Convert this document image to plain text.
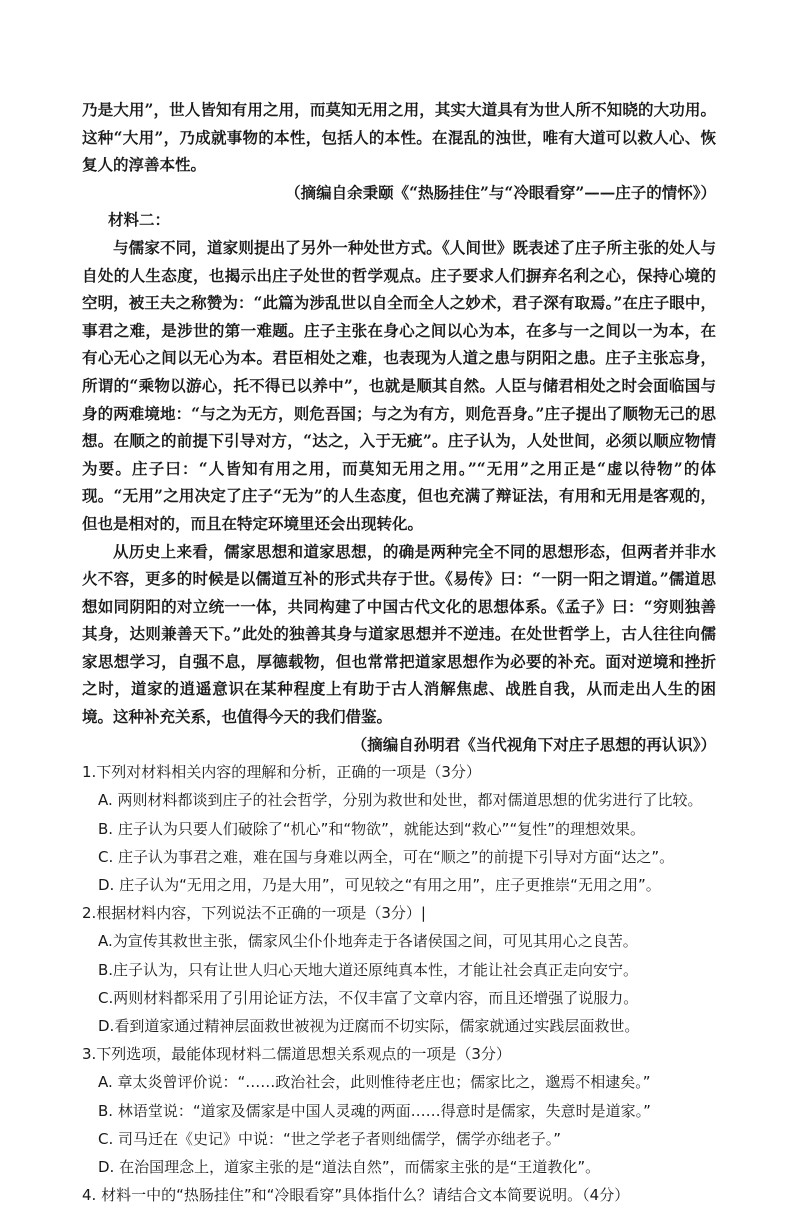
乃是大用”，世人皆知有用之用，而莫知无用之用，其实大道具有为世人所不知晓的大功用。这种“大用”，乃成就事物的本性，包括人的本性。在混乱的浊世，唯有大道可以救人心、恢复人的淳善本性。

（摘编自余秉颐《“热肠挂住”与“冷眼看穿”——庄子的情怀》）

材料二：

与儒家不同，道家则提出了另外一种处世方式。《人间世》既表述了庄子所主张的处人与自处的人生态度，也揭示出庄子处世的哲学观点。庄子要求人们摒弃名利之心，保持心境的空明，被王夫之称赞为：“此篇为涉乱世以自全而全人之妙术，君子深有取焉。”在庄子眼中，事君之难，是涉世的第一难题。庄子主张在身心之间以心为本，在多与一之间以一为本，在有心无心之间以无心为本。君臣相处之难，也表现为人道之患与阴阳之患。庄子主张忘身，所谓的“乘物以游心，托不得已以养中”，也就是顺其自然。人臣与储君相处之时会面临国与身的两难境地：“与之为无方，则危吾国；与之为有方，则危吾身。”庄子提出了顺物无己的思想。在顺之的前提下引导对方，“达之，入于无疵”。庄子认为，人处世间，必须以顺应物情为要。庄子曰：“人皆知有用之用，而莫知无用之用。”“无用”之用正是“虚以待物”的体现。“无用”之用决定了庄子“无为”的人生态度，但也充满了辩证法，有用和无用是客观的，但也是相对的，而且在特定环境里还会出现转化。

从历史上来看，儒家思想和道家思想，的确是两种完全不同的思想形态，但两者并非水火不容，更多的时候是以儒道互补的形式共存于世。《易传》曰：“一阴一阳之谓道。”儒道思想如同阴阳的对立统一一体，共同构建了中国古代文化的思想体系。《孟子》曰：“穷则独善其身，达则兼善天下。”此处的独善其身与道家思想并不逆违。在处世哲学上，古人往往向儒家思想学习，自强不息，厚德载物，但也常常把道家思想作为必要的补充。面对逆境和挫折之时，道家的逍遥意识在某种程度上有助于古人消解焦虑、战胜自我，从而走出人生的困境。这种补充关系，也值得今天的我们借鉴。

（摘编自孙明君《当代视角下对庄子思想的再认识》）

1.下列对材料相关内容的理解和分析，正确的一项是（3分）

A. 两则材料都谈到庄子的社会哲学，分别为救世和处世，都对儒道思想的优劣进行了比较。

B. 庄子认为只要人们破除了“机心”和“物欲”，就能达到“救心”“复性”的理想效果。

C. 庄子认为事君之难，难在国与身难以两全，可在“顺之”的前提下引导对方面“达之”。

D. 庄子认为“无用之用，乃是大用”，可见较之“有用之用”，庄子更推崇“无用之用”。

2.根据材料内容，下列说法不正确的一项是（3分）|

A.为宣传其救世主张，儒家风尘仆仆地奔走于各诸侯国之间，可见其用心之良苦。

B.庄子认为，只有让世人归心天地大道还原纯真本性，才能让社会真正走向安宁。

C.两则材料都采用了引用论证方法，不仅丰富了文章内容，而且还增强了说服力。

D.看到道家通过精神层面救世被视为迂腐而不切实际，儒家就通过实践层面救世。

3.下列选项，最能体现材料二儒道思想关系观点的一项是（3分）

A. 章太炎曾评价说：“……政治社会，此则惟待老庄也；儒家比之，邈焉不相逮矣。”

B. 林语堂说：“道家及儒家是中国人灵魂的两面……得意时是儒家，失意时是道家。”

C. 司马迁在《史记》中说：“世之学老子者则绌儒学，儒学亦绌老子。”

D. 在治国理念上，道家主张的是“道法自然”，而儒家主张的是“王道教化”。

4. 材料一中的“热肠挂住”和“冷眼看穿”具体指什么？请结合文本简要说明。（4分）
